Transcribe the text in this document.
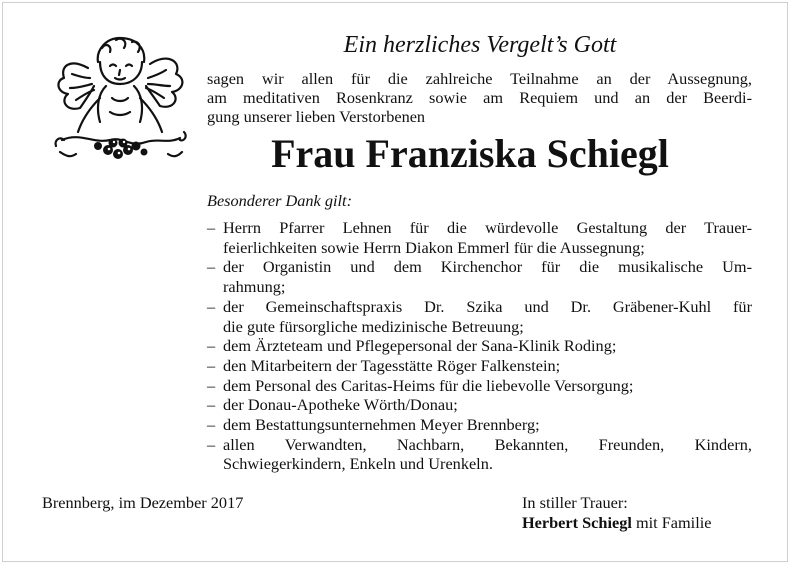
Ein herzliches Vergelt’s Gott
sagen wir allen für die zahlreiche Teilnahme an der Aussegnung,
am meditativen Rosenkranz sowie am Requiem und an der Beerdi-
gung unserer lieben Verstorbenen
Frau Franziska Schiegl
Besonderer Dank gilt:
– Herrn Pfarrer Lehnen für die würdevolle Gestaltung der Trauer-
feierlichkeiten sowie Herrn Diakon Emmerl für die Aussegnung;
– der Organistin und dem Kirchenchor für die musikalische Um-
rahmung;
– der Gemeinschaftspraxis Dr. Szika und Dr. Gräbener-Kuhl für
die gute fürsorgliche medizinische Betreuung;
– dem Ärzteteam und Pflegepersonal der Sana-Klinik Roding;
– den Mitarbeitern der Tagesstätte Röger Falkenstein;
– dem Personal des Caritas-Heims für die liebevolle Versorgung;
– der Donau-Apotheke Wörth/Donau;
– dem Bestattungsunternehmen Meyer Brennberg;
– allen Verwandten, Nachbarn, Bekannten, Freunden, Kindern,
Schwiegerkindern, Enkeln und Urenkeln.
Brennberg, im Dezember 2017	In stiller Trauer:
Herbert Schiegl mit Familie
